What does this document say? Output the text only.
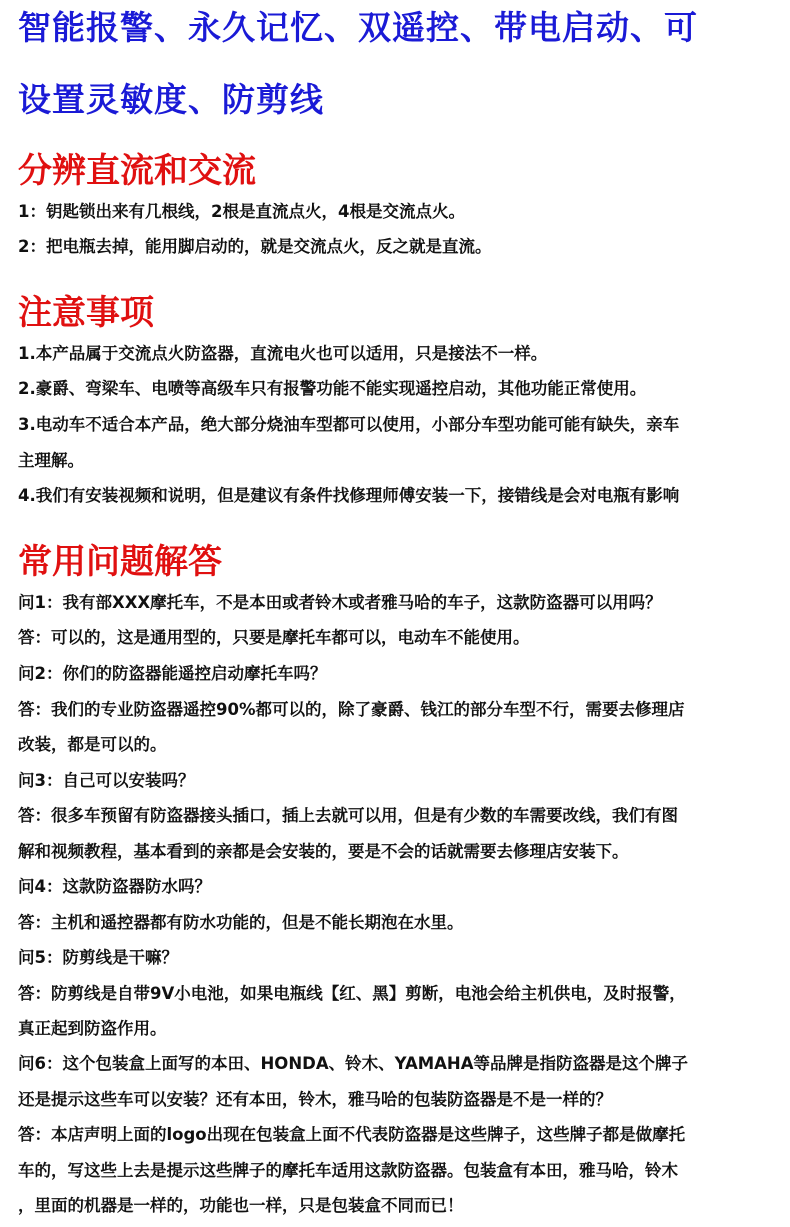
智能报警、永久记忆、双遥控、带电启动、可
设置灵敏度、防剪线
分辨直流和交流

1：钥匙锁出来有几根线，2根是直流点火，4根是交流点火。

2：把电瓶去掉，能用脚启动的，就是交流点火，反之就是直流。

注意事项

1.本产品属于交流点火防盗器，直流电火也可以适用，只是接法不一样。

2.豪爵、弯梁车、电喷等高级车只有报警功能不能实现遥控启动，其他功能正常使用。

3.电动车不适合本产品，绝大部分烧油车型都可以使用，小部分车型功能可能有缺失，亲车

主理解。

4.我们有安装视频和说明，但是建议有条件找修理师傅安装一下，接错线是会对电瓶有影响

常用问题解答

问1：我有部XXX摩托车，不是本田或者铃木或者雅马哈的车子，这款防盗器可以用吗？

答：可以的，这是通用型的，只要是摩托车都可以，电动车不能使用。

问2：你们的防盗器能遥控启动摩托车吗？

答：我们的专业防盗器遥控90%都可以的，除了豪爵、钱江的部分车型不行，需要去修理店

改装，都是可以的。

问3：自己可以安装吗？

答：很多车预留有防盗器接头插口，插上去就可以用，但是有少数的车需要改线，我们有图

解和视频教程，基本看到的亲都是会安装的，要是不会的话就需要去修理店安装下。

问4：这款防盗器防水吗？

答：主机和遥控器都有防水功能的，但是不能长期泡在水里。

问5：防剪线是干嘛？

答：防剪线是自带9V小电池，如果电瓶线【红、黑】剪断，电池会给主机供电，及时报警，

真正起到防盗作用。

问6：这个包装盒上面写的本田、HONDA、铃木、YAMAHA等品牌是指防盗器是这个牌子

还是提示这些车可以安装？还有本田，铃木，雅马哈的包装防盗器是不是一样的？

答：本店声明上面的logo出现在包装盒上面不代表防盗器是这些牌子，这些牌子都是做摩托

车的，写这些上去是提示这些牌子的摩托车适用这款防盗器。包装盒有本田，雅马哈，铃木

，里面的机器是一样的，功能也一样，只是包装盒不同而已！
